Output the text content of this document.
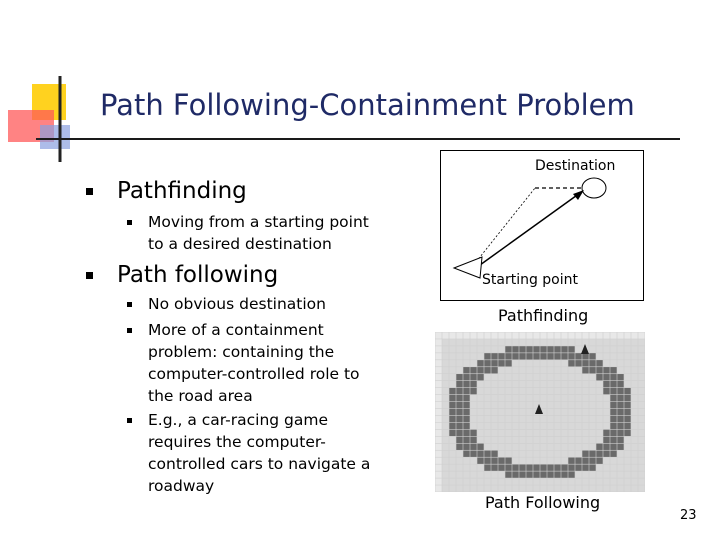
Path Following-Containment Problem
Pathfinding
Moving from a starting point to a desired destination
Path following
No obvious destination
More of a containment problem: containing the computer-controlled role to the road area
E.g., a car-racing game requires the computer-controlled cars to navigate a roadway
Destination
Starting point
Pathfinding
Path Following
23
